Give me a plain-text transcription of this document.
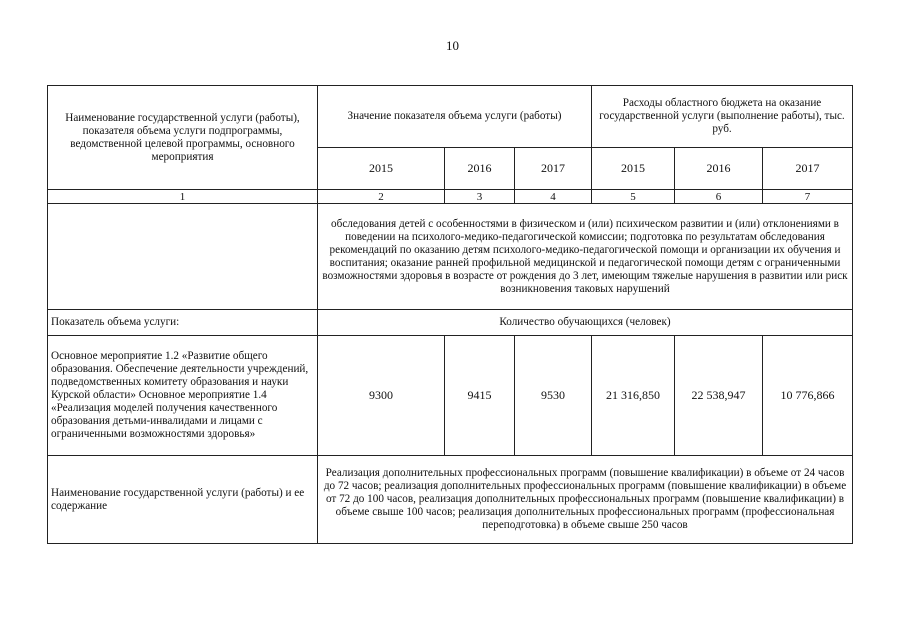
10
Наименование государственной услуги (работы), показателя объема услуги подпрограммы, ведомственной целевой программы, основного мероприятия	Значение показателя объема услуги (работы)			Расходы областного бюджета на оказание государственной услуги (выполнение работы), тыс. руб.		
	2015	2016	2017	2015	2016	2017
1	2	3	4	5	6	7
	обследования детей с особенностями в физическом и (или) психическом развитии и (или) отклонениями в поведении на психолого-медико-педагогической комиссии; подготовка по результатам обследования рекомендаций по оказанию детям психолого-медико-педагогической помощи и организации их обучения и воспитания; оказание ранней профильной медицинской и педагогической помощи детям с ограниченными возможностями здоровья в возрасте от рождения до 3 лет, имеющим тяжелые нарушения в развитии или риск возникновения таковых нарушений					
Показатель объема услуги:	Количество обучающихся (человек)					
Основное мероприятие 1.2 «Развитие общего образования. Обеспечение деятельности учреждений, подведомственных комитету образования и науки Курской области» Основное мероприятие 1.4 «Реализация моделей получения качественного образования детьми-инвалидами и лицами с ограниченными возможностями здоровья»	9300	9415	9530	21 316,850	22 538,947	10 776,866
Наименование государственной услуги (работы) и ее содержание	Реализация дополнительных профессиональных программ (повышение квалификации) в объеме от 24 часов до 72 часов; реализация дополнительных профессиональных программ (повышение квалификации) в объеме от 72 до 100 часов, реализация дополнительных профессиональных программ (повышение квалификации) в объеме свыше 100 часов; реализация дополнительных профессиональных программ (профессиональная переподготовка) в объеме свыше 250 часов					
